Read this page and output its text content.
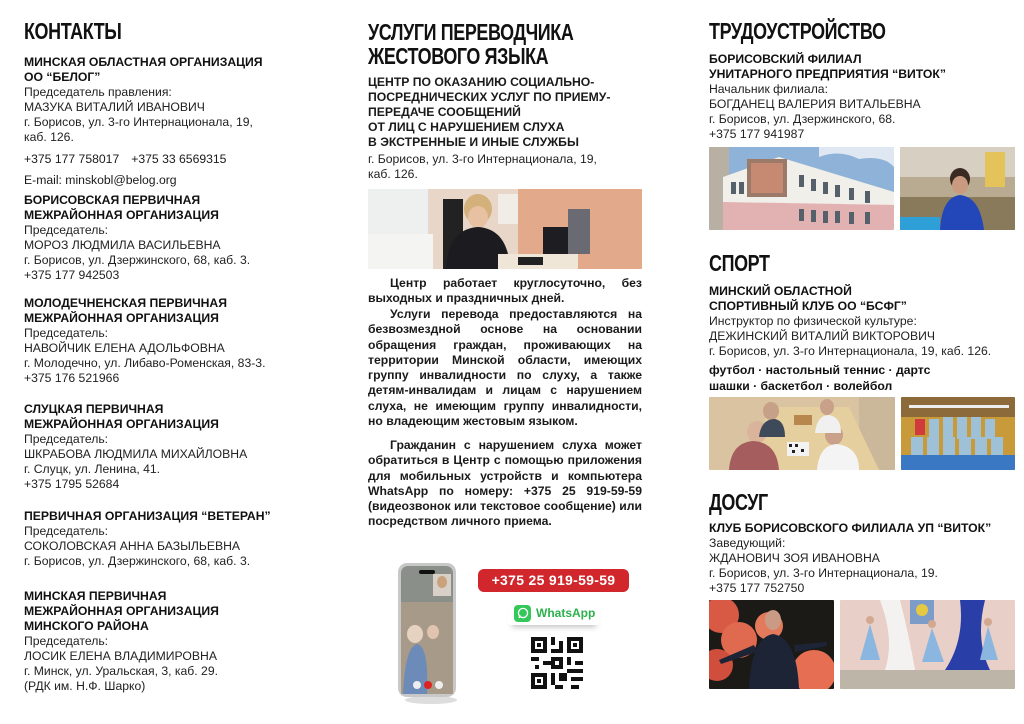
КОНТАКТЫ
МИНСКАЯ ОБЛАСТНАЯ ОРГАНИЗАЦИЯ
ОО “БЕЛОГ”
Председатель правления:
МАЗУКА ВИТАЛИЙ ИВАНОВИЧ
г. Борисов, ул. 3-го Интернационала, 19,
каб. 126.
+375 177 758017 +375 33 6569315
E-mail: minskobl@belog.org
БОРИСОВСКАЯ ПЕРВИЧНАЯ
МЕЖРАЙОННАЯ ОРГАНИЗАЦИЯ
Председатель:
МОРОЗ ЛЮДМИЛА ВАСИЛЬЕВНА
г. Борисов, ул. Дзержинского, 68, каб. 3.
+375 177 942503
МОЛОДЕЧНЕНСКАЯ ПЕРВИЧНАЯ
МЕЖРАЙОННАЯ ОРГАНИЗАЦИЯ
Председатель:
НАВОЙЧИК ЕЛЕНА АДОЛЬФОВНА
г. Молодечно, ул. Либаво-Роменская, 83-3.
+375 176 521966
СЛУЦКАЯ ПЕРВИЧНАЯ
МЕЖРАЙОННАЯ ОРГАНИЗАЦИЯ
Председатель:
ШКРАБОВА ЛЮДМИЛА МИХАЙЛОВНА
г. Слуцк, ул. Ленина, 41.
+375 1795 52684
ПЕРВИЧНАЯ ОРГАНИЗАЦИЯ “ВЕТЕРАН”
Председатель:
СОКОЛОВСКАЯ АННА БАЗЫЛЬЕВНА
г. Борисов, ул. Дзержинского, 68, каб. 3.
МИНСКАЯ ПЕРВИЧНАЯ
МЕЖРАЙОННАЯ ОРГАНИЗАЦИЯ
МИНСКОГО РАЙОНА
Председатель:
ЛОСИК ЕЛЕНА ВЛАДИМИРОВНА
г. Минск, ул. Уральская, 3, каб. 29.
(РДК им. Н.Ф. Шарко)
УСЛУГИ ПЕРЕВОДЧИКА
ЖЕСТОВОГО ЯЗЫКА
ЦЕНТР ПО ОКАЗАНИЮ СОЦИАЛЬНО-
ПОСРЕДНИЧЕСКИХ УСЛУГ ПО ПРИЕМУ-
ПЕРЕДАЧЕ СООБЩЕНИЙ
ОТ ЛИЦ С НАРУШЕНИЕМ СЛУХА
В ЭКСТРЕННЫЕ И ИНЫЕ СЛУЖБЫ
г. Борисов, ул. 3-го Интернационала, 19,
каб. 126.

Центр работает круглосуточно, без выходных и праздничных дней.

Услуги перевода предоставляются на безвозмездной основе на основании обращения граждан, проживающих на территории Минской области, имеющих группу инвалидности по слуху, а также детям-инвалидам и лицам с нарушением слуха, не имеющим группу инвалидности, но владеющим жестовым языком.

Гражданин с нарушением слуха может обратиться в Центр с помощью приложения для мобильных устройств и компьютера WhatsApp по номеру: +375 25 919-59-59 (видеозвонок или текстовое сообщение) или посредством личного приема.

+375 25 919-59-59
WhatsApp
ТРУДОУСТРОЙСТВО
БОРИСОВСКИЙ ФИЛИАЛ
УНИТАРНОГО ПРЕДПРИЯТИЯ “ВИТОК”
Начальник филиала:
БОГДАНЕЦ ВАЛЕРИЯ ВИТАЛЬЕВНА
г. Борисов, ул. Дзержинского, 68.
+375 177 941987
СПОРТ
МИНСКИЙ ОБЛАСТНОЙ
СПОРТИВНЫЙ КЛУБ ОО “БСФГ”
Инструктор по физической культуре:
ДЕЖИНСКИЙ ВИТАЛИЙ ВИКТОРОВИЧ
г. Борисов, ул. 3-го Интернационала, 19, каб. 126.
футбол · настольный теннис · дартс
шашки · баскетбол · волейбол
ДОСУГ
КЛУБ БОРИСОВСКОГО ФИЛИАЛА УП “ВИТОК”
Заведующий:
ЖДАНОВИЧ ЗОЯ ИВАНОВНА
г. Борисов, ул. 3-го Интернационала, 19.
+375 177 752750
